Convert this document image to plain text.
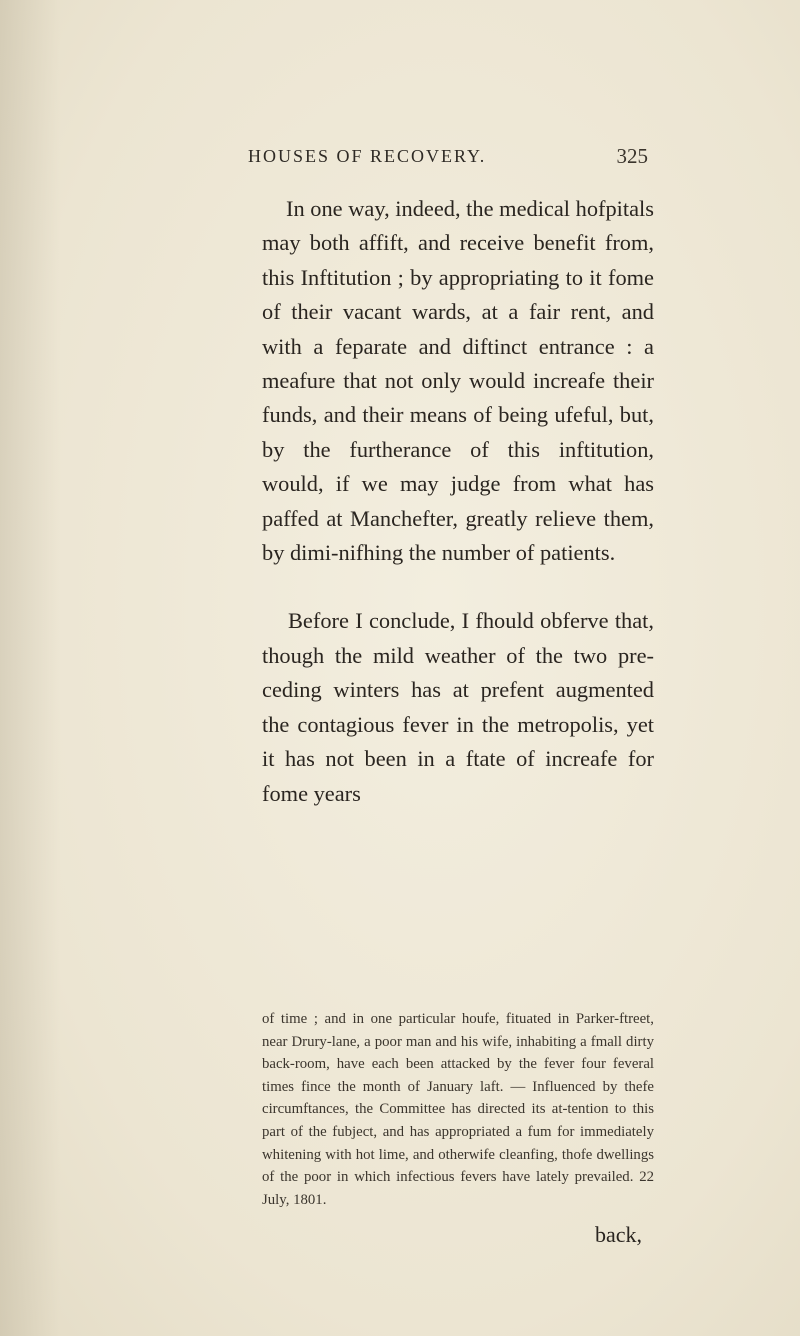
HOUSES OF RECOVERY.	325

In one way, indeed, the medical hofpitals may both affift, and receive benefit from, this Inftitution ; by appropriating to it fome of their vacant wards, at a fair rent, and with a feparate and diftinct entrance : a meafure that not only would increafe their funds, and their means of being ufeful, but, by the furtherance of this inftitution, would, if we may judge from what has paffed at Manchefter, greatly relieve them, by dimi-nifhing the number of patients.

Before I conclude, I fhould obferve that, though the mild weather of the two pre-ceding winters has at prefent augmented the contagious fever in the metropolis, yet it has not been in a ftate of increafe for fome years

of time ; and in one particular houfe, fituated in Parker-ftreet, near Drury-lane, a poor man and his wife, inhabiting a fmall dirty back-room, have each been attacked by the fever four feveral times fince the month of January laft. — Influenced by thefe circumftances, the Committee has directed its at-tention to this part of the fubject, and has appropriated a fum for immediately whitening with hot lime, and otherwife cleanfing, thofe dwellings of the poor in which infectious fevers have lately prevailed. 22 July, 1801.
back,
